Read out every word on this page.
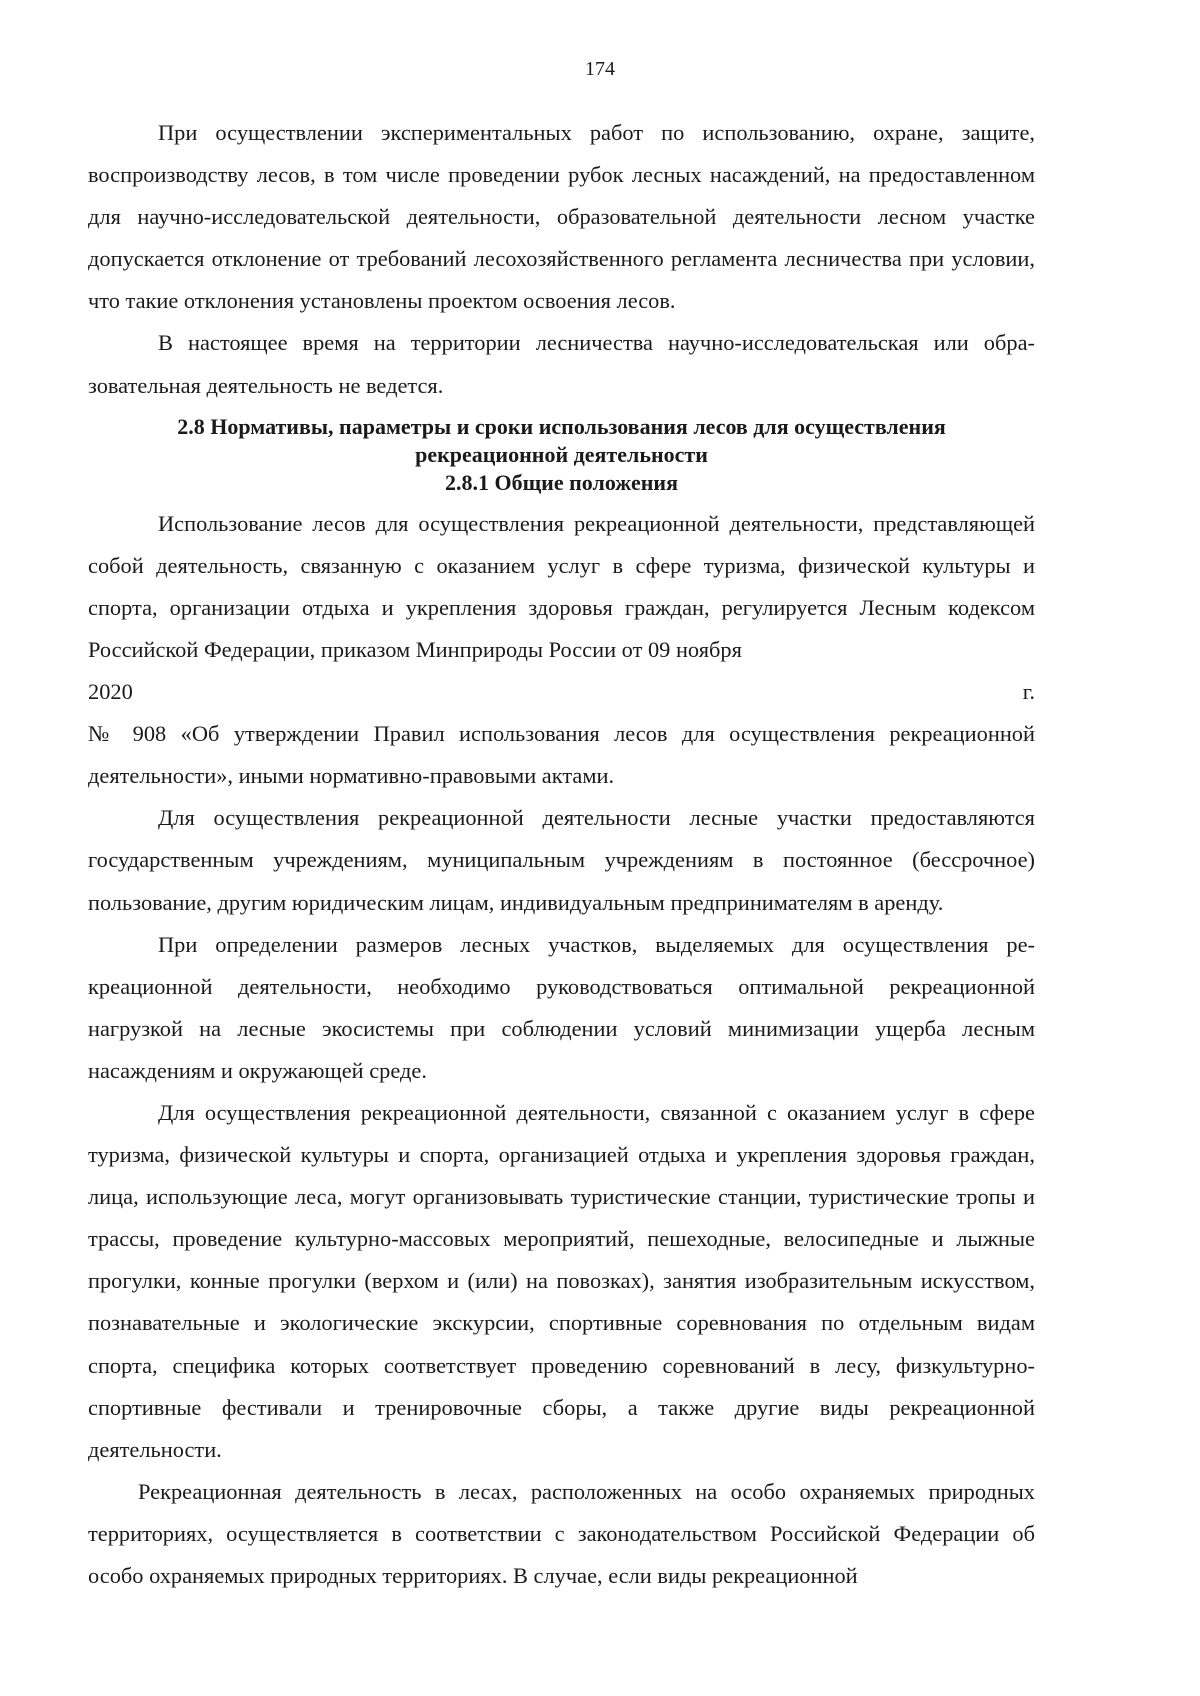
174

При осуществлении экспериментальных работ по использованию, охране, защите, воспроизводству лесов, в том числе проведении рубок лесных насаждений, на предоставленном для научно-исследовательской деятельности, образовательной деятельности лесном участке допускается отклонение от требований лесохозяйственного регламента лесничества при условии, что такие отклонения установлены проектом освоения лесов.

В настоящее время на территории лесничества научно-исследовательская или образовательная деятельность не ведется.

2.8 Нормативы, параметры и сроки использования лесов для осуществления
рекреационной деятельности
2.8.1 Общие положения

Использование лесов для осуществления рекреационной деятельности, представляющей собой деятельность, связанную с оказанием услуг в сфере туризма, физической культуры и спорта, организации отдыха и укрепления здоровья граждан, регулируется Лесным кодексом Российской Федерации, приказом Минприроды России от 09 ноября

2020	г.

№ 908 «Об утверждении Правил использования лесов для осуществления рекреационной деятельности», иными нормативно-правовыми актами.

Для осуществления рекреационной деятельности лесные участки предоставляются государственным учреждениям, муниципальным учреждениям в постоянное (бессрочное) пользование, другим юридическим лицам, индивидуальным предпринимателям в аренду.

При определении размеров лесных участков, выделяемых для осуществления рекреационной деятельности, необходимо руководствоваться оптимальной рекреационной нагрузкой на лесные экосистемы при соблюдении условий минимизации ущерба лесным насаждениям и окружающей среде.

Для осуществления рекреационной деятельности, связанной с оказанием услуг в сфере туризма, физической культуры и спорта, организацией отдыха и укрепления здоровья граждан, лица, использующие леса, могут организовывать туристические станции, туристические тропы и трассы, проведение культурно-массовых мероприятий, пешеходные, велосипедные и лыжные прогулки, конные прогулки (верхом и (или) на повозках), занятия изобразительным искусством, познавательные и экологические экскурсии, спортивные соревнования по отдельным видам спорта, специфика которых соответствует проведению соревнований в лесу, физкультурно-спортивные фестивали и тренировочные сборы, а также другие виды рекреационной деятельности.

Рекреационная деятельность в лесах, расположенных на особо охраняемых природных территориях, осуществляется в соответствии с законодательством Российской Федерации об особо охраняемых природных территориях. В случае, если виды рекреационной
